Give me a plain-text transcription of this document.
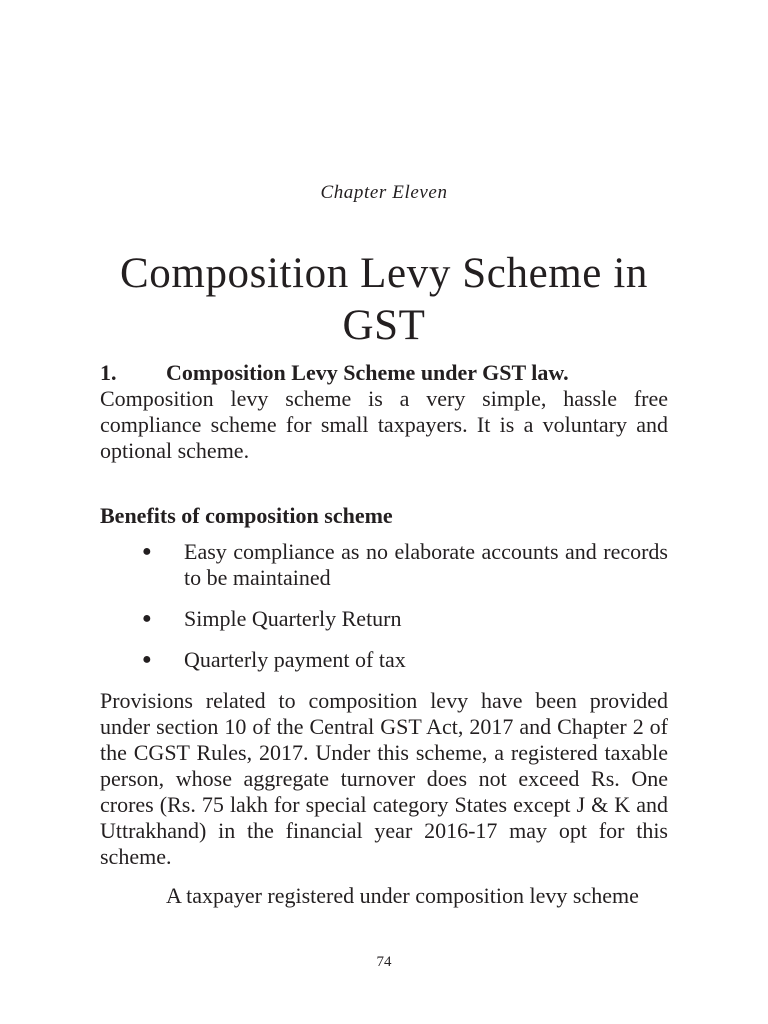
Chapter Eleven
Composition Levy Scheme in GST

1.	Composition Levy Scheme under GST law.

Composition levy scheme is a very simple, hassle free compliance scheme for small taxpayers. It is a voluntary and optional scheme.

Benefits of composition scheme

● Easy compliance as no elaborate accounts and records to be maintained
● Simple Quarterly Return
● Quarterly payment of tax

Provisions related to composition levy have been provided under section 10 of the Central GST Act, 2017 and Chapter 2 of the CGST Rules, 2017. Under this scheme, a registered taxable person, whose aggregate turnover does not exceed Rs. One crores (Rs. 75 lakh for special category States except J & K and Uttrakhand) in the financial year 2016-17 may opt for this scheme.

A taxpayer registered under composition levy scheme

74
